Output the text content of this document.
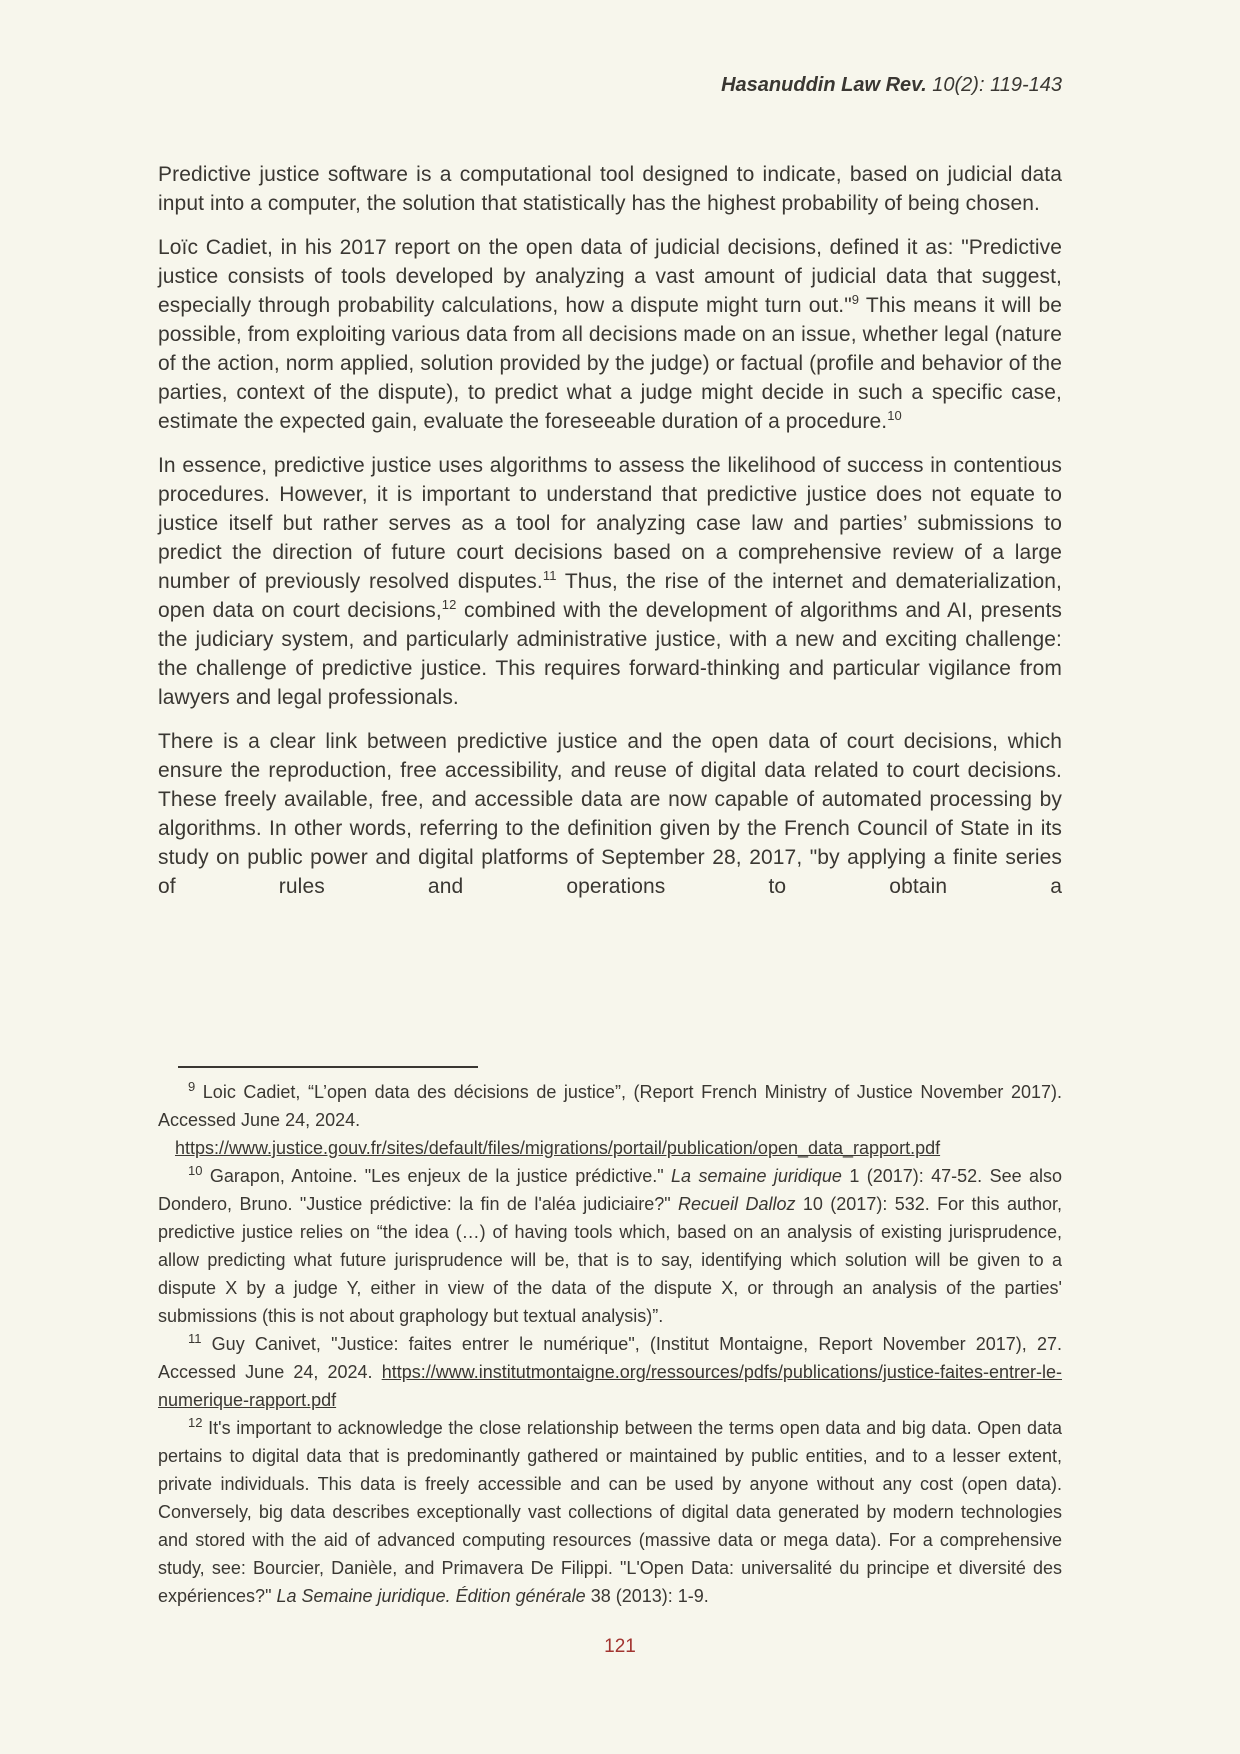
Hasanuddin Law Rev. 10(2): 119-143

Predictive justice software is a computational tool designed to indicate, based on judicial data input into a computer, the solution that statistically has the highest probability of being chosen.

Loïc Cadiet, in his 2017 report on the open data of judicial decisions, defined it as: "Predictive justice consists of tools developed by analyzing a vast amount of judicial data that suggest, especially through probability calculations, how a dispute might turn out."$^9$ This means it will be possible, from exploiting various data from all decisions made on an issue, whether legal (nature of the action, norm applied, solution provided by the judge) or factual (profile and behavior of the parties, context of the dispute), to predict what a judge might decide in such a specific case, estimate the expected gain, evaluate the foreseeable duration of a procedure.$^{10}$

In essence, predictive justice uses algorithms to assess the likelihood of success in contentious procedures. However, it is important to understand that predictive justice does not equate to justice itself but rather serves as a tool for analyzing case law and parties’ submissions to predict the direction of future court decisions based on a comprehensive review of a large number of previously resolved disputes.$^{11}$ Thus, the rise of the internet and dematerialization, open data on court decisions,$^{12}$ combined with the development of algorithms and AI, presents the judiciary system, and particularly administrative justice, with a new and exciting challenge: the challenge of predictive justice. This requires forward-thinking and particular vigilance from lawyers and legal professionals.

There is a clear link between predictive justice and the open data of court decisions, which ensure the reproduction, free accessibility, and reuse of digital data related to court decisions. These freely available, free, and accessible data are now capable of automated processing by algorithms. In other words, referring to the definition given by the French Council of State in its study on public power and digital platforms of September 28, 2017, "by applying a finite series of rules and operations to obtain a

$^9$ Loic Cadiet, “L’open data des décisions de justice”, (Report French Ministry of Justice November 2017). Accessed June 24, 2024.
https://www.justice.gouv.fr/sites/default/files/migrations/portail/publication/open_data_rapport.pdf

$^{10}$ Garapon, Antoine. "Les enjeux de la justice prédictive." La semaine juridique 1 (2017): 47-52. See also Dondero, Bruno. "Justice prédictive: la fin de l'aléa judiciaire?" Recueil Dalloz 10 (2017): 532. For this author, predictive justice relies on “the idea (…) of having tools which, based on an analysis of existing jurisprudence, allow predicting what future jurisprudence will be, that is to say, identifying which solution will be given to a dispute X by a judge Y, either in view of the data of the dispute X, or through an analysis of the parties' submissions (this is not about graphology but textual analysis)”.

$^{11}$ Guy Canivet, "Justice: faites entrer le numérique", (Institut Montaigne, Report November 2017), 27. Accessed June 24, 2024. https://www.institutmontaigne.org/ressources/pdfs/publications/justice-faites-entrer-le-numerique-rapport.pdf

$^{12}$ It's important to acknowledge the close relationship between the terms open data and big data. Open data pertains to digital data that is predominantly gathered or maintained by public entities, and to a lesser extent, private individuals. This data is freely accessible and can be used by anyone without any cost (open data). Conversely, big data describes exceptionally vast collections of digital data generated by modern technologies and stored with the aid of advanced computing resources (massive data or mega data). For a comprehensive study, see: Bourcier, Danièle, and Primavera De Filippi. "L'Open Data: universalité du principe et diversité des expériences?" La Semaine juridique. Édition générale 38 (2013): 1-9.

121
